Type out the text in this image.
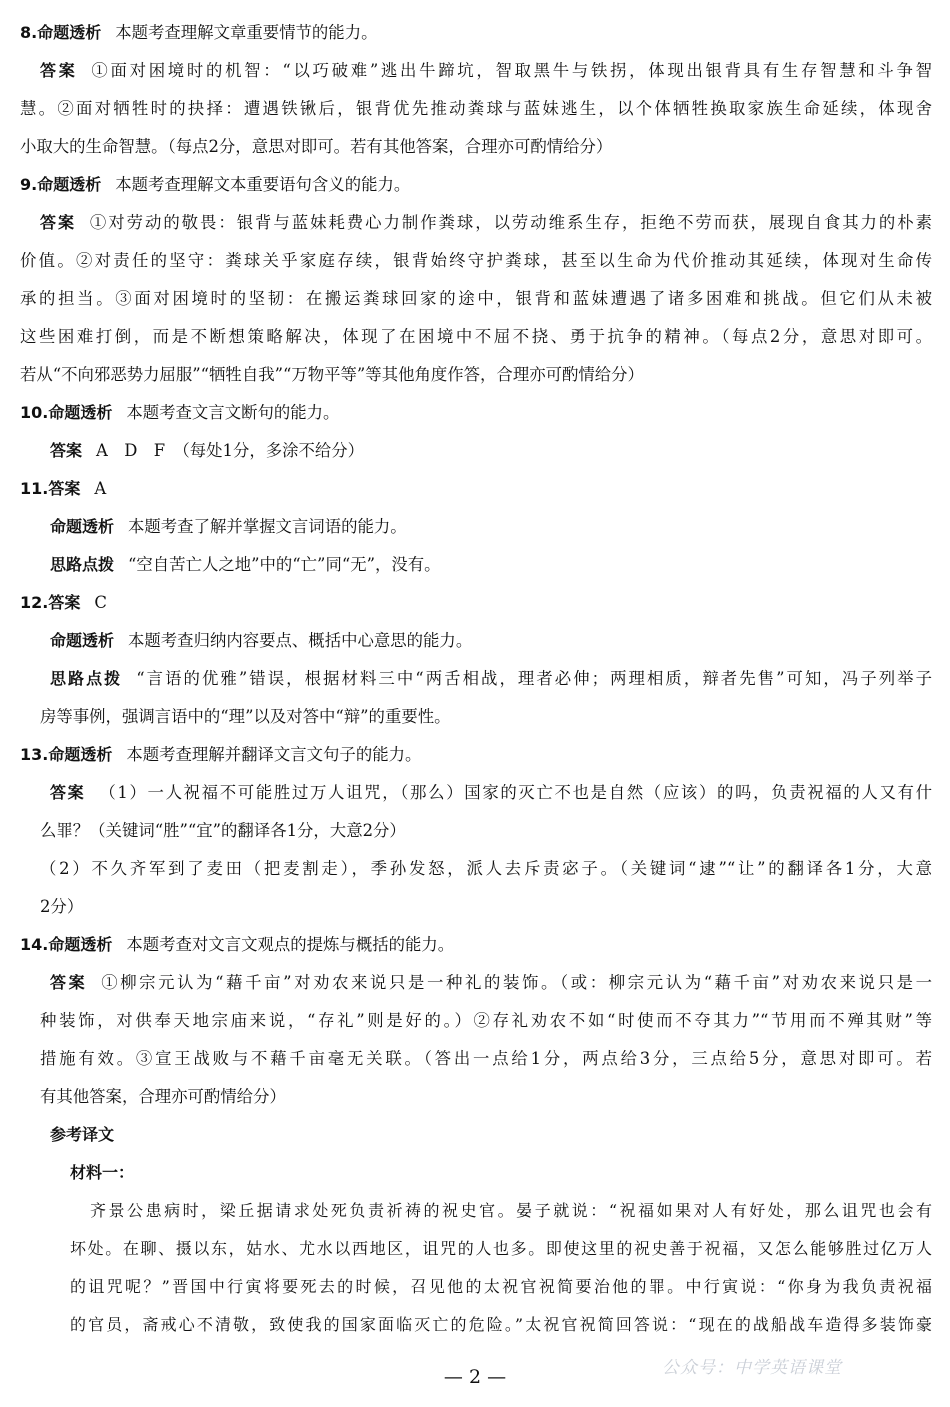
8.命题透析 本题考查理解文章重要情节的能力。
答案 ①面对困境时的机智：“以巧破难”逃出牛蹄坑，智取黑牛与铁拐，体现出银背具有生存智慧和斗争智
慧。②面对牺牲时的抉择：遭遇铁锹后，银背优先推动粪球与蓝妹逃生，以个体牺牲换取家族生命延续，体现舍
小取大的生命智慧。（每点2分，意思对即可。若有其他答案，合理亦可酌情给分）
9.命题透析 本题考查理解文本重要语句含义的能力。
答案 ①对劳动的敬畏：银背与蓝妹耗费心力制作粪球，以劳动维系生存，拒绝不劳而获，展现自食其力的朴素
价值。②对责任的坚守：粪球关乎家庭存续，银背始终守护粪球，甚至以生命为代价推动其延续，体现对生命传
承的担当。③面对困境时的坚韧：在搬运粪球回家的途中，银背和蓝妹遭遇了诸多困难和挑战。但它们从未被
这些困难打倒，而是不断想策略解决，体现了在困境中不屈不挠、勇于抗争的精神。（每点2分，意思对即可。
若从“不向邪恶势力屈服”“牺牲自我”“万物平等”等其他角度作答，合理亦可酌情给分）
10.命题透析 本题考查文言文断句的能力。
答案 A　D　F　（每处1分，多涂不给分）
11.答案 A
命题透析 本题考查了解并掌握文言词语的能力。
思路点拨 “空自苦亡人之地”中的“亡”同“无”，没有。
12.答案 C
命题透析 本题考查归纳内容要点、概括中心意思的能力。
思路点拨 “言语的优雅”错误，根据材料三中“两舌相战，理者必伸；两理相质，辩者先售”可知，冯子列举子
房等事例，强调言语中的“理”以及对答中“辩”的重要性。
13.命题透析 本题考查理解并翻译文言文句子的能力。
答案 （1）一人祝福不可能胜过万人诅咒，（那么）国家的灭亡不也是自然（应该）的吗，负责祝福的人又有什
么罪？（关键词“胜”“宜”的翻译各1分，大意2分）
（2）不久齐军到了麦田（把麦割走），季孙发怒，派人去斥责宓子。（关键词“逮”“让”的翻译各1分，大意
2分）
14.命题透析 本题考查对文言文观点的提炼与概括的能力。
答案 ①柳宗元认为“藉千亩”对劝农来说只是一种礼的装饰。（或：柳宗元认为“藉千亩”对劝农来说只是一
种装饰，对供奉天地宗庙来说，“存礼”则是好的。）②存礼劝农不如“时使而不夺其力”“节用而不殚其财”等
措施有效。③宣王战败与不藉千亩毫无关联。（答出一点给1分，两点给3分，三点给5分，意思对即可。若
有其他答案，合理亦可酌情给分）
参考译文
材料一：
齐景公患病时，梁丘据请求处死负责祈祷的祝史官。晏子就说：“祝福如果对人有好处，那么诅咒也会有
坏处。在聊、摄以东，姑水、尤水以西地区，诅咒的人也多。即使这里的祝史善于祝福，又怎么能够胜过亿万人
的诅咒呢？”晋国中行寅将要死去的时候，召见他的太祝官祝简要治他的罪。中行寅说：“你身为我负责祝福
的官员，斋戒心不清敬，致使我的国家面临灭亡的危险。”太祝官祝简回答说：“现在的战船战车造得多装饰豪
— 2 —	公众号：中学英语课堂
